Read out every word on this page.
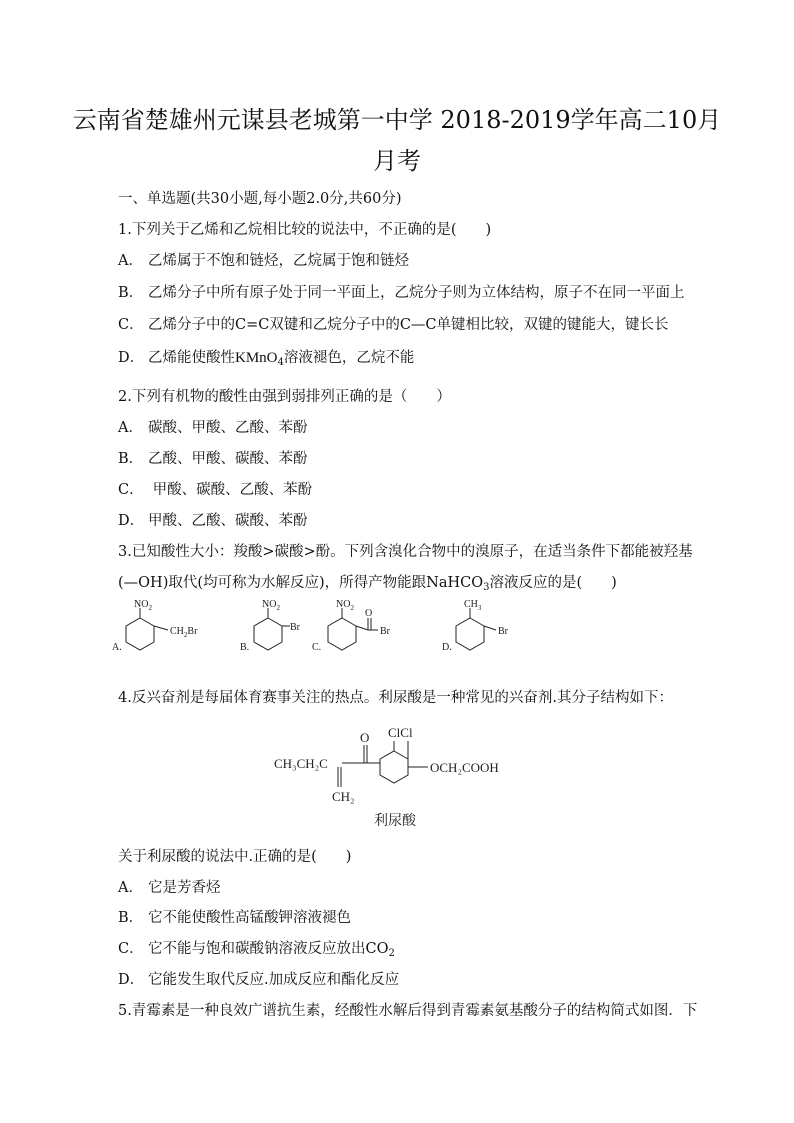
云南省楚雄州元谋县老城第一中学 2018-2019学年高二10月
月考
一、单选题(共30小题,每小题2.0分,共60分)
1.下列关于乙烯和乙烷相比较的说法中，不正确的是(　　)
A． 乙烯属于不饱和链烃，乙烷属于饱和链烃
B． 乙烯分子中所有原子处于同一平面上，乙烷分子则为立体结构，原子不在同一平面上
C． 乙烯分子中的C=C双键和乙烷分子中的C—C单键相比较，双键的键能大，键长长
D． 乙烯能使酸性KMnO$_4$溶液褪色，乙烷不能
2.下列有机物的酸性由强到弱排列正确的是（　　）
A． 碳酸、甲酸、乙酸、苯酚
B． 乙酸、甲酸、碳酸、苯酚
C． 甲酸、碳酸、乙酸、苯酚
D． 甲酸、乙酸、碳酸、苯酚
3.已知酸性大小：羧酸>碳酸>酚。下列含溴化合物中的溴原子，在适当条件下都能被羟基
(—OH)取代(均可称为水解反应)，所得产物能跟NaHCO$_3$溶液反应的是(　　)
A.
$NO_2$
$CH_2Br$
B.
$NO_2$
Br
C.
$NO_2$ O
Br
D.
$CH_3$
Br
4.反兴奋剂是每届体育赛事关注的热点。利尿酸是一种常见的兴奋剂.其分子结构如下：
CH₃CH₂C
O ClCl
OCH₂COOH
CH₂
利尿酸
关于利尿酸的说法中.正确的是(　　)
A． 它是芳香烃
B． 它不能使酸性高锰酸钾溶液褪色
C． 它不能与饱和碳酸钠溶液反应放出$CO_2$
D． 它能发生取代反应.加成反应和酯化反应
5.青霉素是一种良效广谱抗生素，经酸性水解后得到青霉素氨基酸分子的结构简式如图．下
